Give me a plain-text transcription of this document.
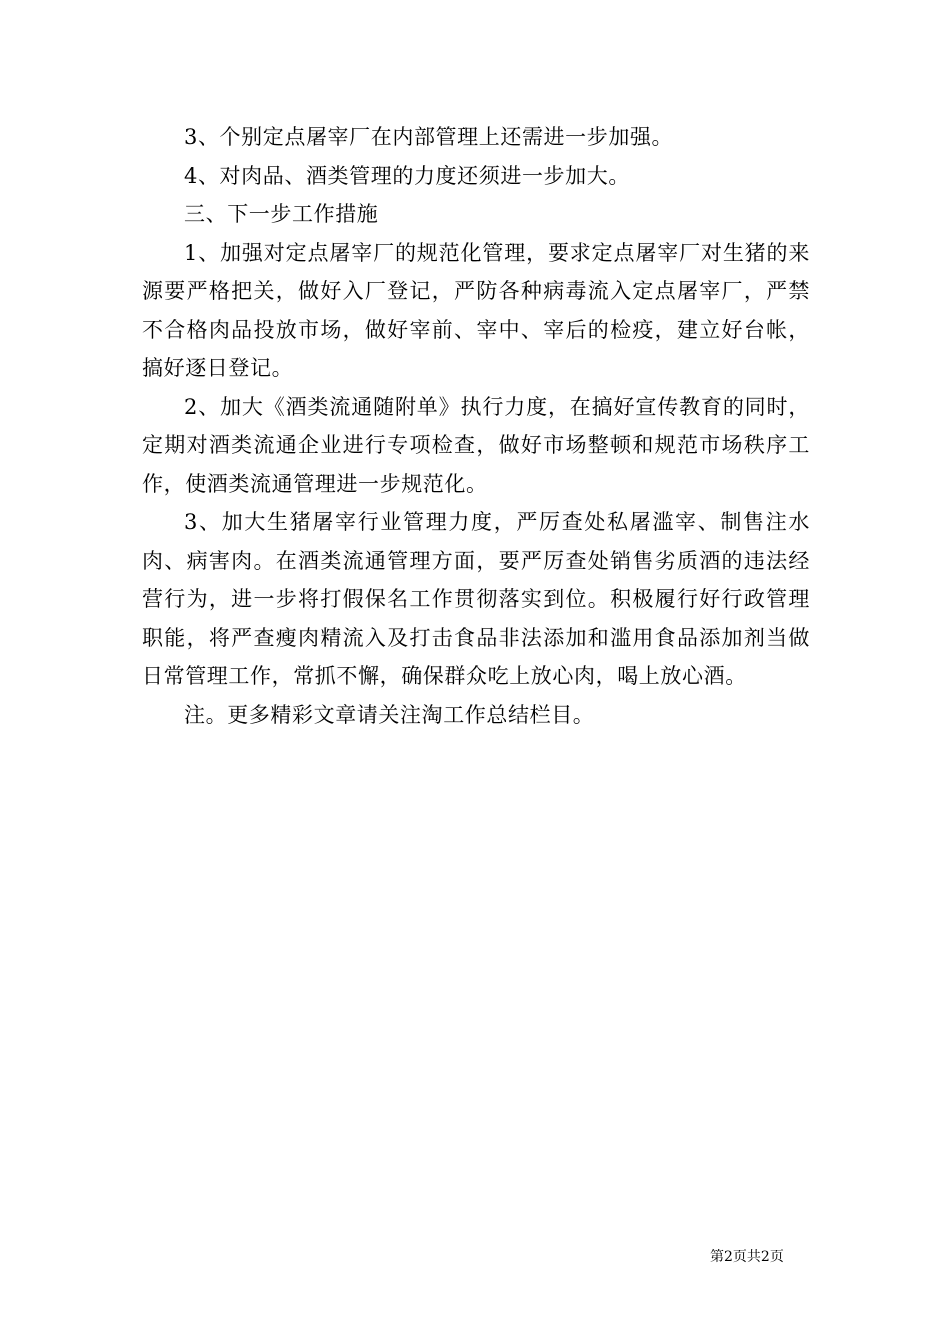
3、个别定点屠宰厂在内部管理上还需进一步加强。

4、对肉品、酒类管理的力度还须进一步加大。

三、下一步工作措施

1、加强对定点屠宰厂的规范化管理，要求定点屠宰厂对生猪的来源要严格把关，做好入厂登记，严防各种病毒流入定点屠宰厂，严禁不合格肉品投放市场，做好宰前、宰中、宰后的检疫，建立好台帐，搞好逐日登记。

2、加大《酒类流通随附单》执行力度，在搞好宣传教育的同时，定期对酒类流通企业进行专项检查，做好市场整顿和规范市场秩序工作，使酒类流通管理进一步规范化。

3、加大生猪屠宰行业管理力度，严厉查处私屠滥宰、制售注水肉、病害肉。在酒类流通管理方面，要严厉查处销售劣质酒的违法经营行为，进一步将打假保名工作贯彻落实到位。积极履行好行政管理职能，将严查瘦肉精流入及打击食品非法添加和滥用食品添加剂当做日常管理工作，常抓不懈，确保群众吃上放心肉，喝上放心酒。

注。更多精彩文章请关注淘工作总结栏目。

第2页共2页
